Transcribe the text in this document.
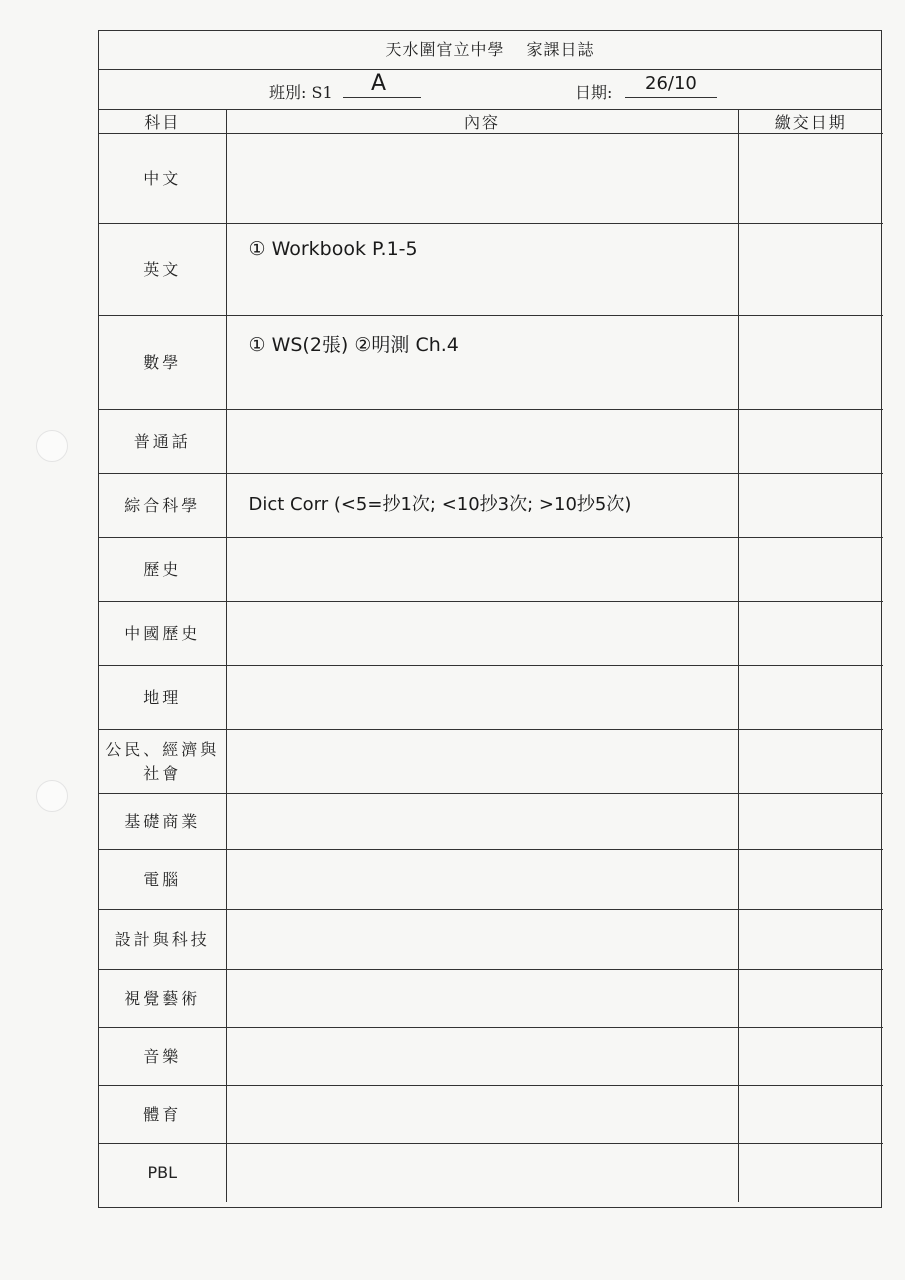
天水圍官立中學 家課日誌
班別: S1 A	日期: 26/10
科目	內容	繳交日期
中文	

英文	① Workbook P.1-5	

數學	① WS(2張) ②明測 Ch.4	

普通話	

綜合科學	Dict Corr (<5=抄1次; <10抄3次; >10抄5次)	

歷史	

中國歷史	

地理	

公民、經濟與社會	

基礎商業	

電腦	

設計與科技	

視覺藝術	

音樂	

體育	

PBL	
